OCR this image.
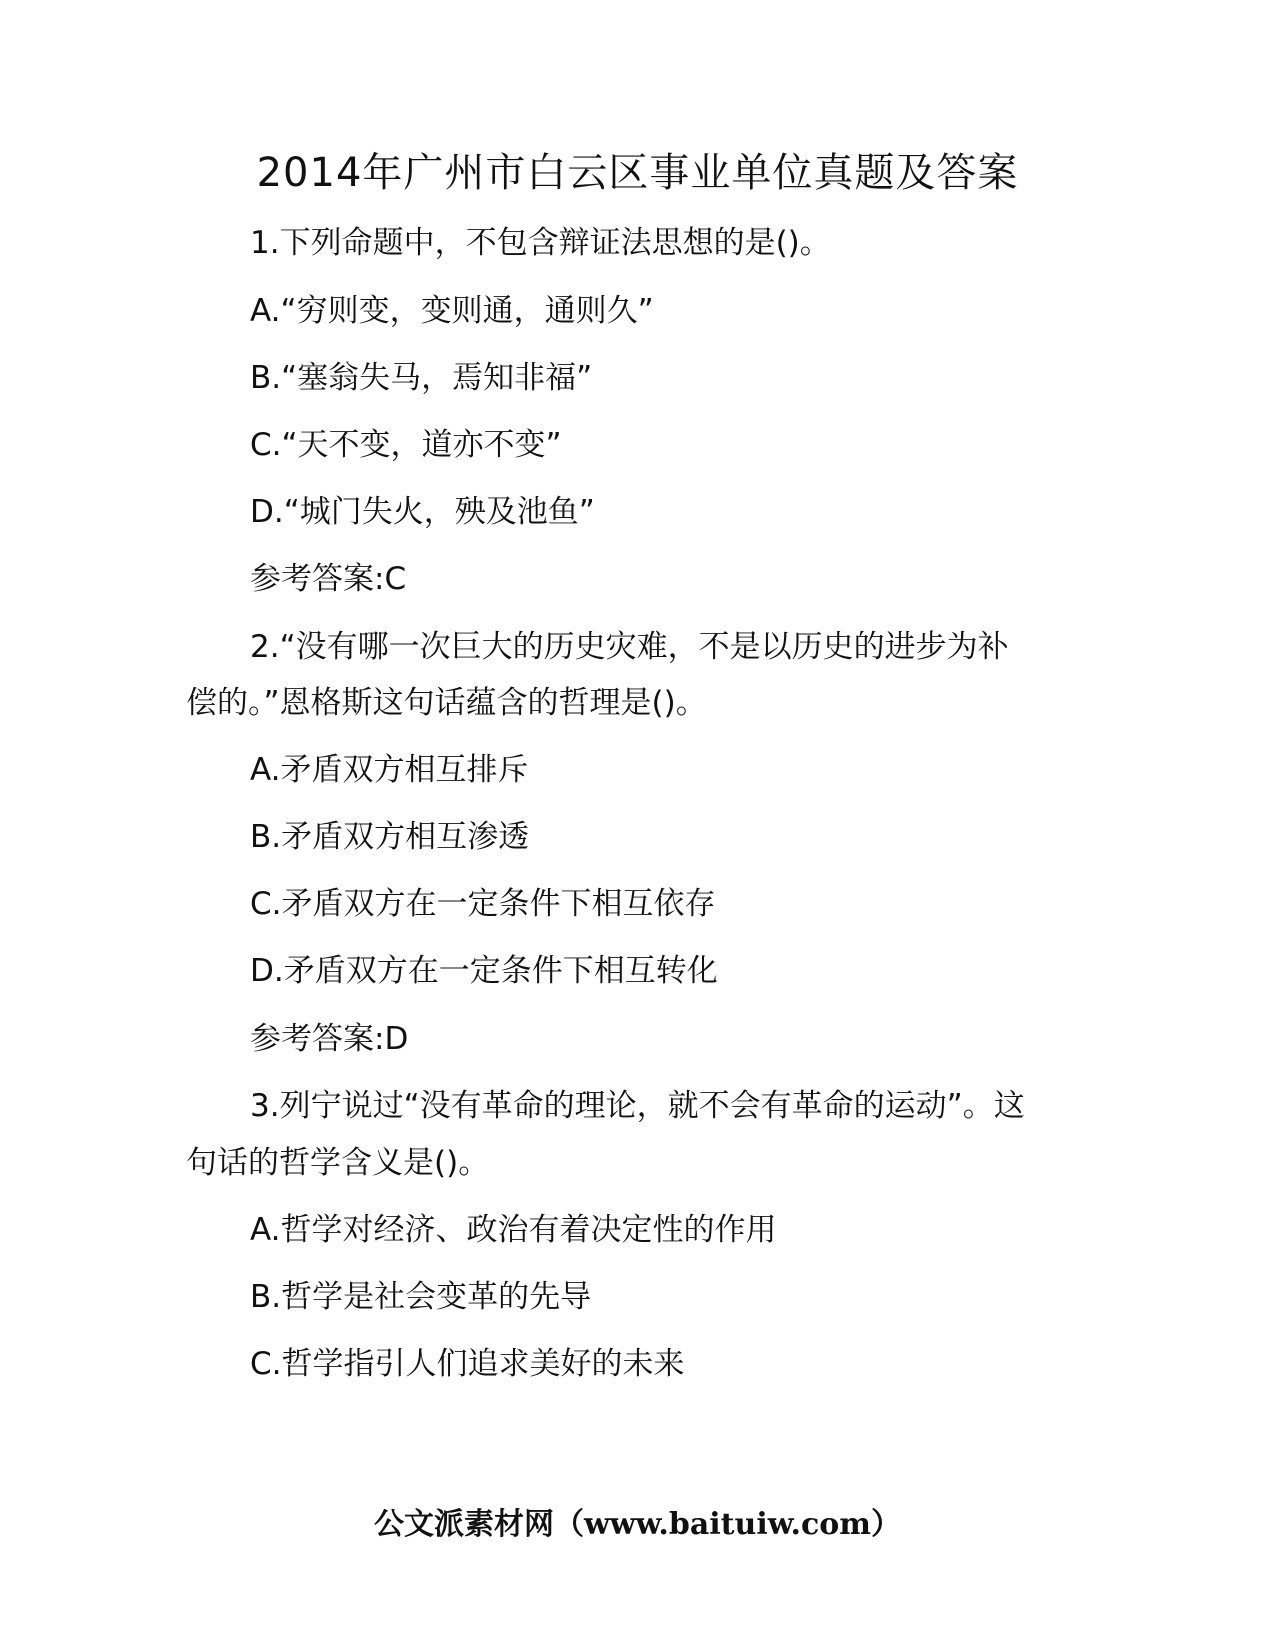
2014年广州市白云区事业单位真题及答案
1.下列命题中，不包含辩证法思想的是()。
A.“穷则变，变则通，通则久”
B.“塞翁失马，焉知非福”
C.“天不变，道亦不变”
D.“城门失火，殃及池鱼”
参考答案:C
2.“没有哪一次巨大的历史灾难，不是以历史的进步为补
偿的。”恩格斯这句话蕴含的哲理是()。
A.矛盾双方相互排斥
B.矛盾双方相互渗透
C.矛盾双方在一定条件下相互依存
D.矛盾双方在一定条件下相互转化
参考答案:D
3.列宁说过“没有革命的理论，就不会有革命的运动”。这
句话的哲学含义是()。
A.哲学对经济、政治有着决定性的作用
B.哲学是社会变革的先导
C.哲学指引人们追求美好的未来
公文派素材网（www.baituiw.com）
